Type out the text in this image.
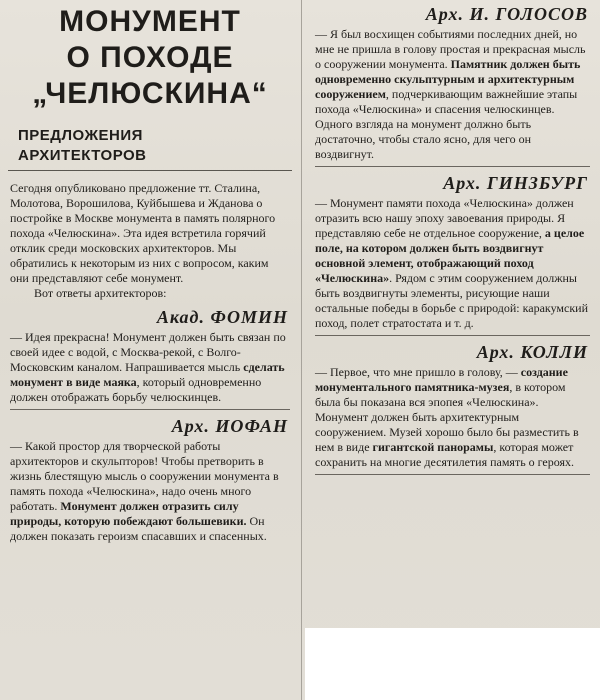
МОНУМЕНТ
О ПОХОДЕ
„ЧЕЛЮСКИНА“
ПРЕДЛОЖЕНИЯ
АРХИТЕКТОРОВ

Сегодня опубликовано предложение тт. Сталина, Молотова, Ворошилова, Куйбышева и Жданова о постройке в Москве монумента в память полярного похода «Челюскина». Эта идея встретила горячий отклик среди московских архитекторов. Мы обратились к некоторым из них с вопросом, каким они представляют себе монумент.

Вот ответы архитекторов:

Акад. ФОМИН

— Идея прекрасна! Монумент должен быть связан по своей идее с водой, с Москва-рекой, с Волго-Московским каналом. Напрашивается мысль сделать монумент в виде маяка, который одновременно должен отображать борьбу челюскинцев.

Арх. ИОФАН

— Какой простор для творческой работы архитекторов и скульпторов! Чтобы претворить в жизнь блестящую мысль о сооружении монумента в память похода «Челюскина», надо очень много работать. Монумент должен отразить силу природы, которую побеждают большевики. Он должен показать героизм спасавших и спасенных.

Арх. И. ГОЛОСОВ

— Я был восхищен событиями последних дней, но мне не пришла в голову простая и прекрасная мысль о сооружении монумента. Памятник должен быть одновременно скульптурным и архитектурным сооружением, подчеркивающим важнейшие этапы похода «Челюскина» и спасения челюскинцев. Одного взгляда на монумент должно быть достаточно, чтобы стало ясно, для чего он воздвигнут.

Арх. ГИНЗБУРГ

— Монумент памяти похода «Челюскина» должен отразить всю нашу эпоху завоевания природы. Я представляю себе не отдельное сооружение, а целое поле, на котором должен быть воздвигнут основной элемент, отображающий поход «Челюскина». Рядом с этим сооружением должны быть воздвигнуты элементы, рисующие наши остальные победы в борьбе с природой: каракумский поход, полет стратостата и т. д.

Арх. КОЛЛИ

— Первое, что мне пришло в голову, — создание монументального памятника-музея, в котором была бы показана вся эпопея «Челюскина». Монумент должен быть архитектурным сооружением. Музей хорошо было бы разместить в нем в виде гигантской панорамы, которая может сохранить на многие десятилетия память о героях.
